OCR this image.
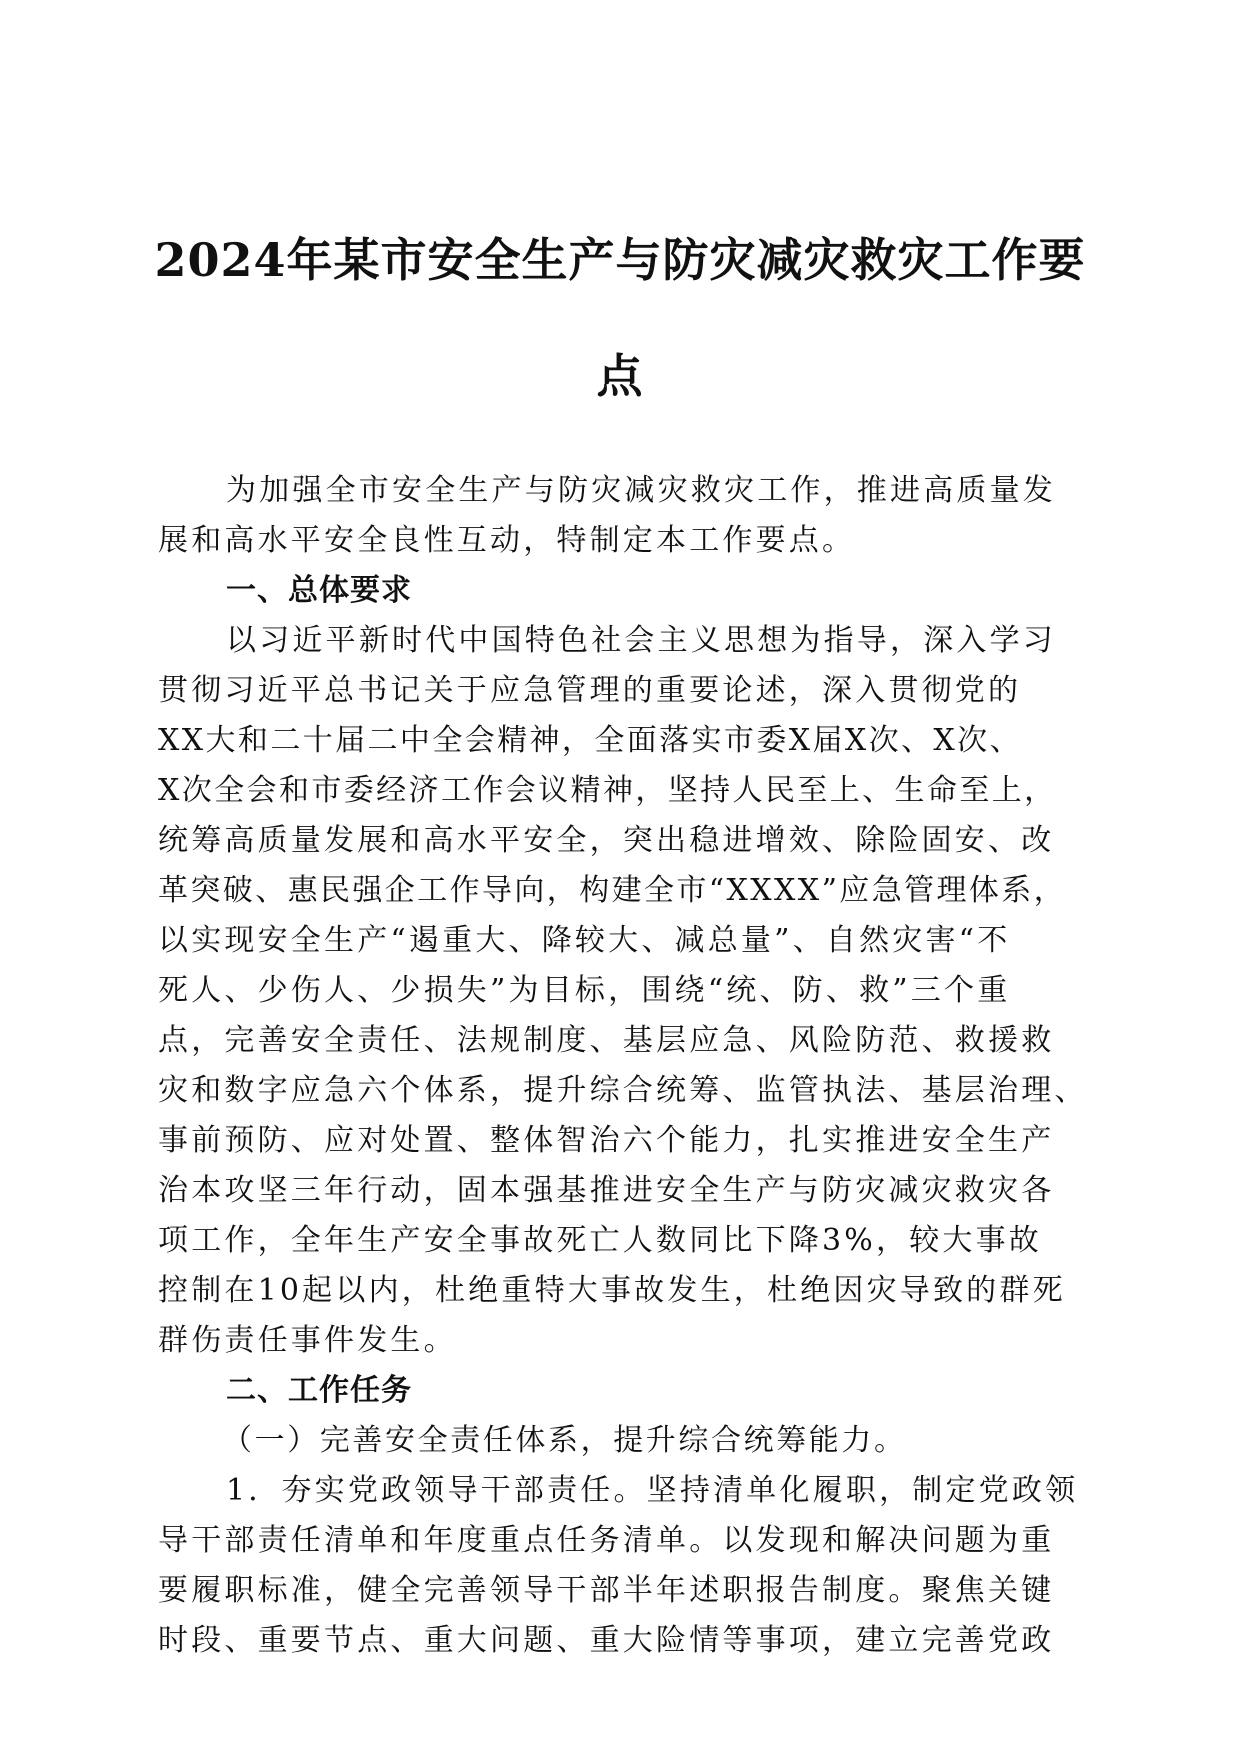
2024年某市安全生产与防灾减灾救灾工作要
点
为加强全市安全生产与防灾减灾救灾工作，推进高质量发
展和高水平安全良性互动，特制定本工作要点。
一、总体要求
以习近平新时代中国特色社会主义思想为指导，深入学习
贯彻习近平总书记关于应急管理的重要论述，深入贯彻党的
XX大和二十届二中全会精神，全面落实市委X届X次、X次、
X次全会和市委经济工作会议精神，坚持人民至上、生命至上，
统筹高质量发展和高水平安全，突出稳进增效、除险固安、改
革突破、惠民强企工作导向，构建全市“XXXX”应急管理体系，
以实现安全生产“遏重大、降较大、减总量”、自然灾害“不
死人、少伤人、少损失”为目标，围绕“统、防、救”三个重
点，完善安全责任、法规制度、基层应急、风险防范、救援救
灾和数字应急六个体系，提升综合统筹、监管执法、基层治理、
事前预防、应对处置、整体智治六个能力，扎实推进安全生产
治本攻坚三年行动，固本强基推进安全生产与防灾减灾救灾各
项工作，全年生产安全事故死亡人数同比下降3%，较大事故
控制在10起以内，杜绝重特大事故发生，杜绝因灾导致的群死
群伤责任事件发生。
二、工作任务
（一）完善安全责任体系，提升综合统筹能力。
1．夯实党政领导干部责任。坚持清单化履职，制定党政领
导干部责任清单和年度重点任务清单。以发现和解决问题为重
要履职标准，健全完善领导干部半年述职报告制度。聚焦关键
时段、重要节点、重大问题、重大险情等事项，建立完善党政
